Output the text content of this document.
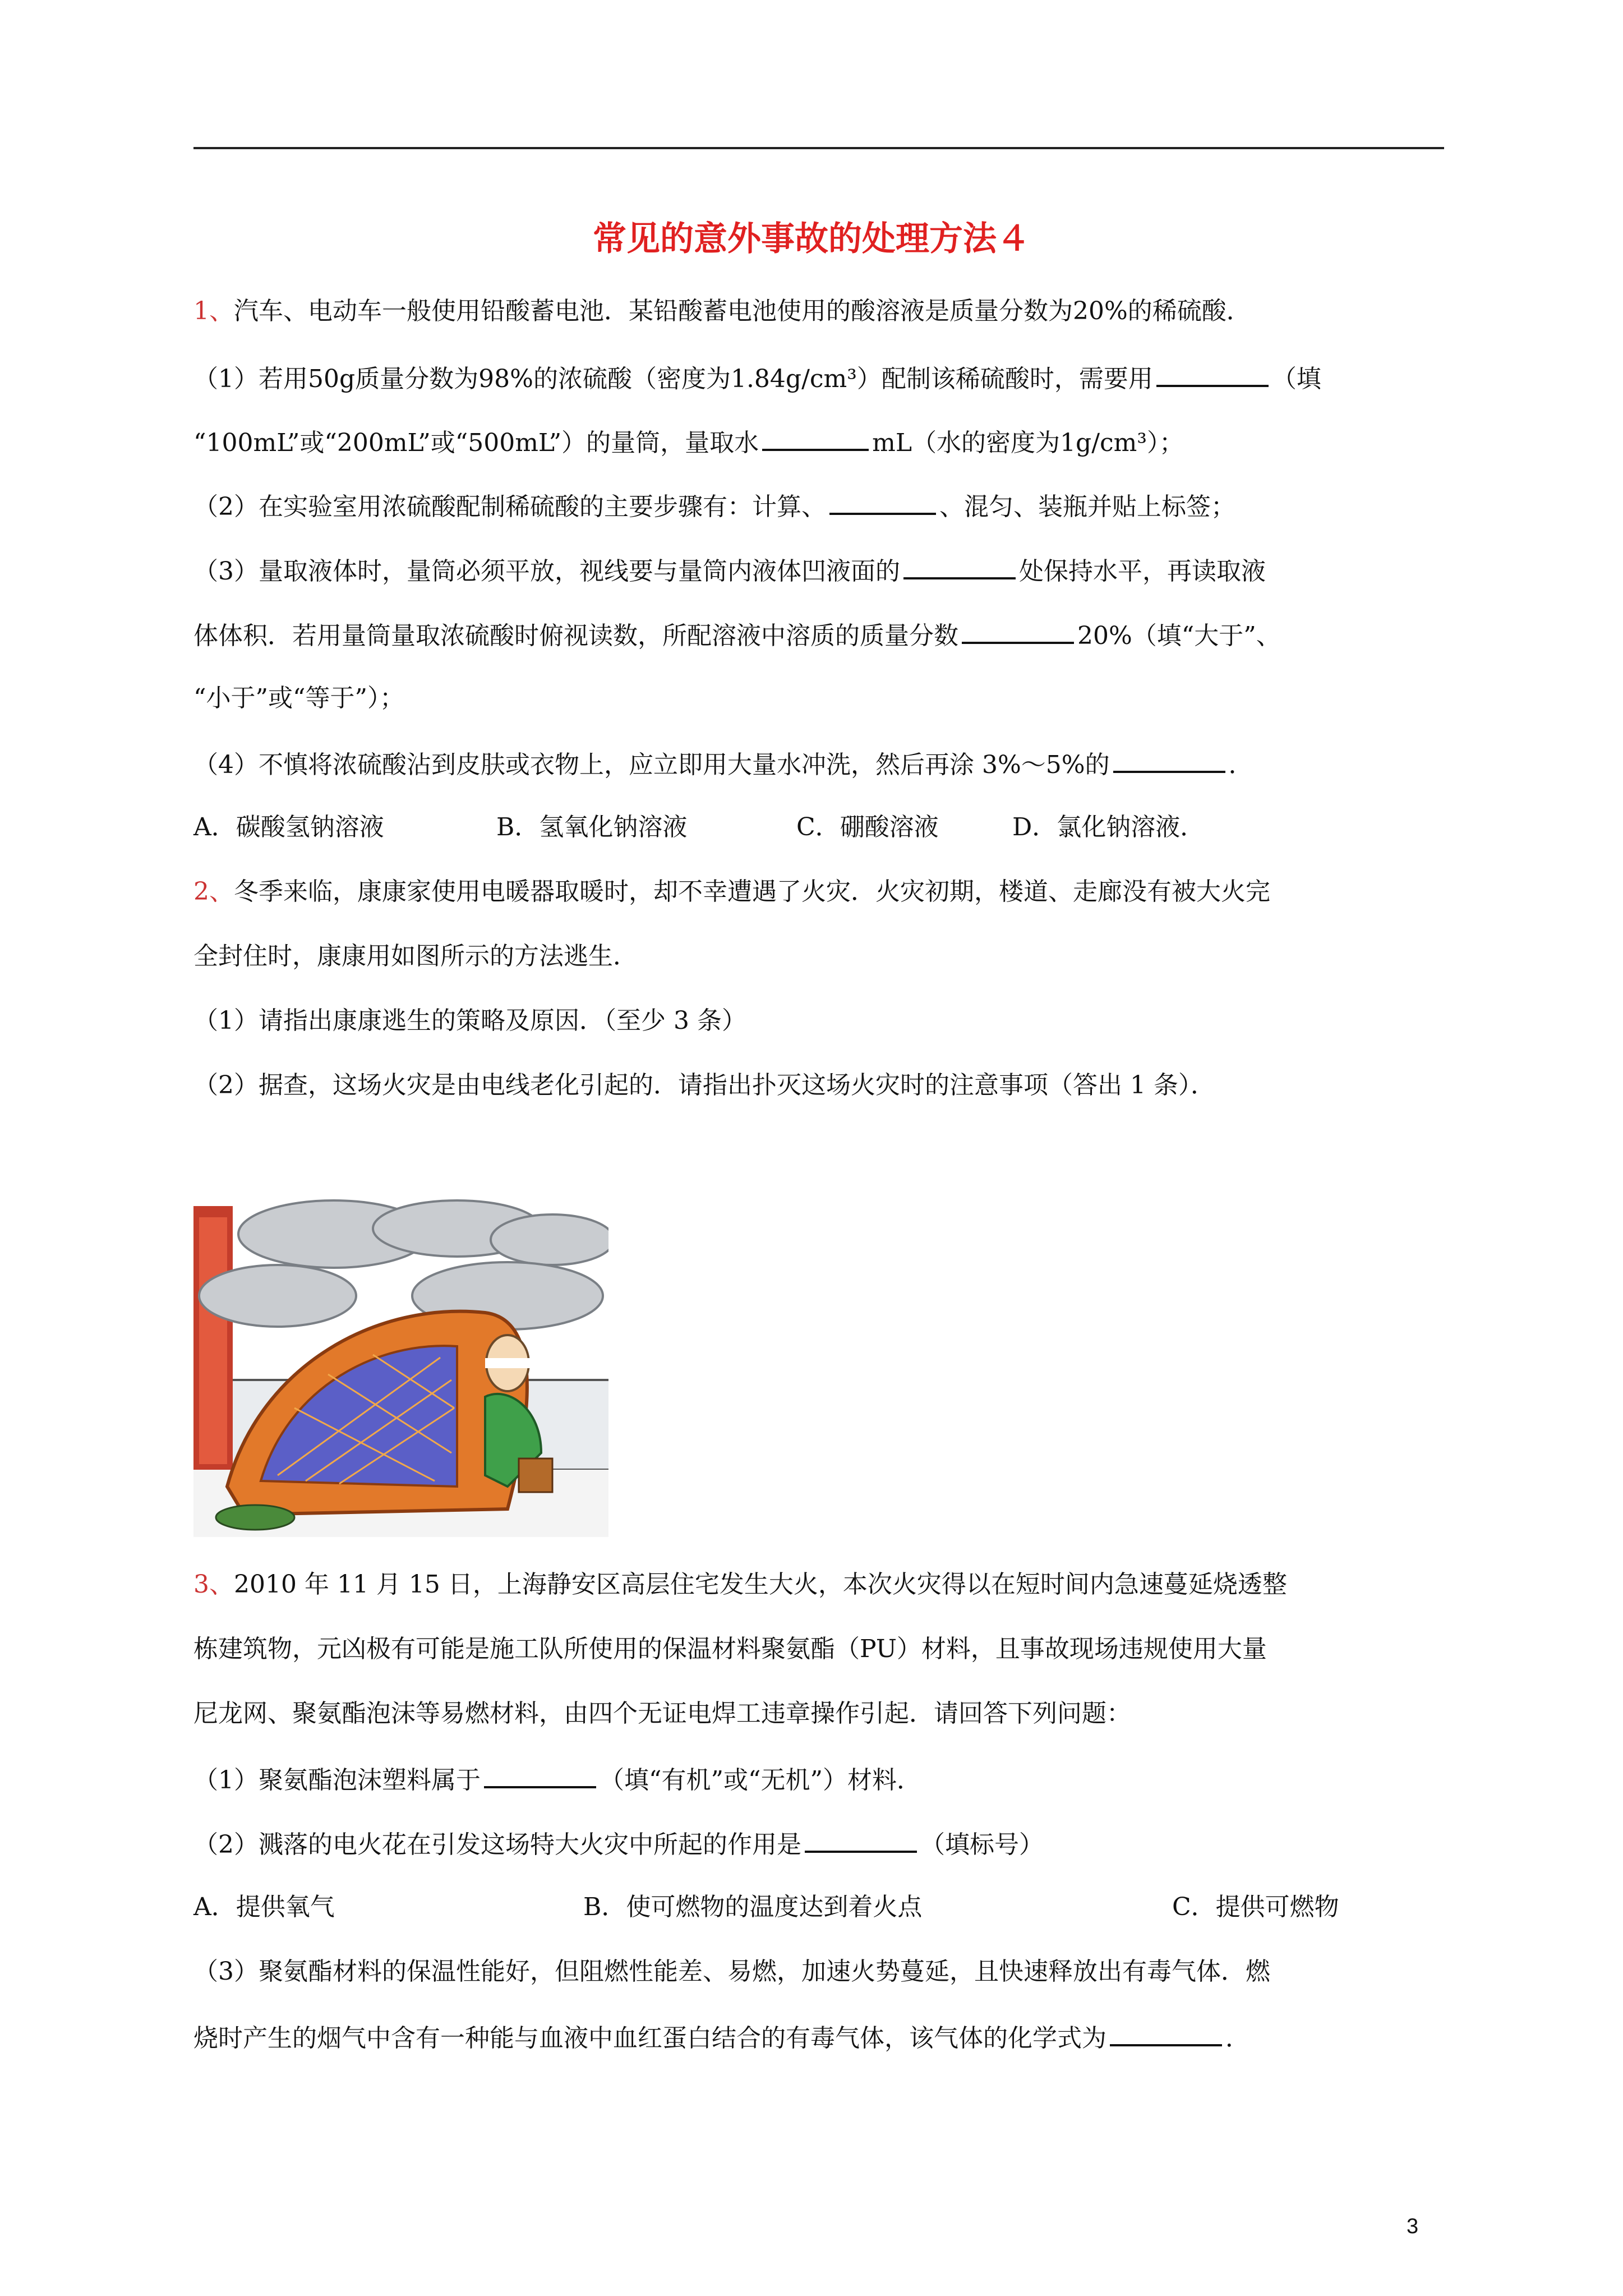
常见的意外事故的处理方法４
1、汽车、电动车一般使用铅酸蓄电池．某铅酸蓄电池使用的酸溶液是质量分数为20%的稀硫酸．
（1）若用50g质量分数为98%的浓硫酸（密度为1.84g/cm³）配制该稀硫酸时，需要用	（填
“100mL”或“200mL”或“500mL”）的量筒，量取水	mL（水的密度为1g/cm³）；
（2）在实验室用浓硫酸配制稀硫酸的主要步骤有：计算、	、混匀、装瓶并贴上标签；
（3）量取液体时，量筒必须平放，视线要与量筒内液体凹液面的	处保持水平，再读取液
体体积．若用量筒量取浓硫酸时俯视读数，所配溶液中溶质的质量分数	20%（填“大于”、
“小于”或“等于”）；
（4）不慎将浓硫酸沾到皮肤或衣物上，应立即用大量水冲洗，然后再涂 3%～5%的	．
A．碳酸氢钠溶液	B．氢氧化钠溶液	C．硼酸溶液	D．氯化钠溶液．
2、冬季来临，康康家使用电暖器取暖时，却不幸遭遇了火灾．火灾初期，楼道、走廊没有被大火完
全封住时，康康用如图所示的方法逃生．
（1）请指出康康逃生的策略及原因．（至少 3 条）
（2）据查，这场火灾是由电线老化引起的．请指出扑灭这场火灾时的注意事项（答出 1 条）．
3、2010 年 11 月 15 日，上海静安区高层住宅发生大火，本次火灾得以在短时间内急速蔓延烧透整
栋建筑物，元凶极有可能是施工队所使用的保温材料聚氨酯（PU）材料，且事故现场违规使用大量
尼龙网、聚氨酯泡沫等易燃材料，由四个无证电焊工违章操作引起．请回答下列问题：
（1）聚氨酯泡沫塑料属于	（填“有机”或“无机”）材料．
（2）溅落的电火花在引发这场特大火灾中所起的作用是	（填标号）
A．提供氧气	B．使可燃物的温度达到着火点	C．提供可燃物
（3）聚氨酯材料的保温性能好，但阻燃性能差、易燃，加速火势蔓延，且快速释放出有毒气体．燃
烧时产生的烟气中含有一种能与血液中血红蛋白结合的有毒气体，该气体的化学式为	．
3
